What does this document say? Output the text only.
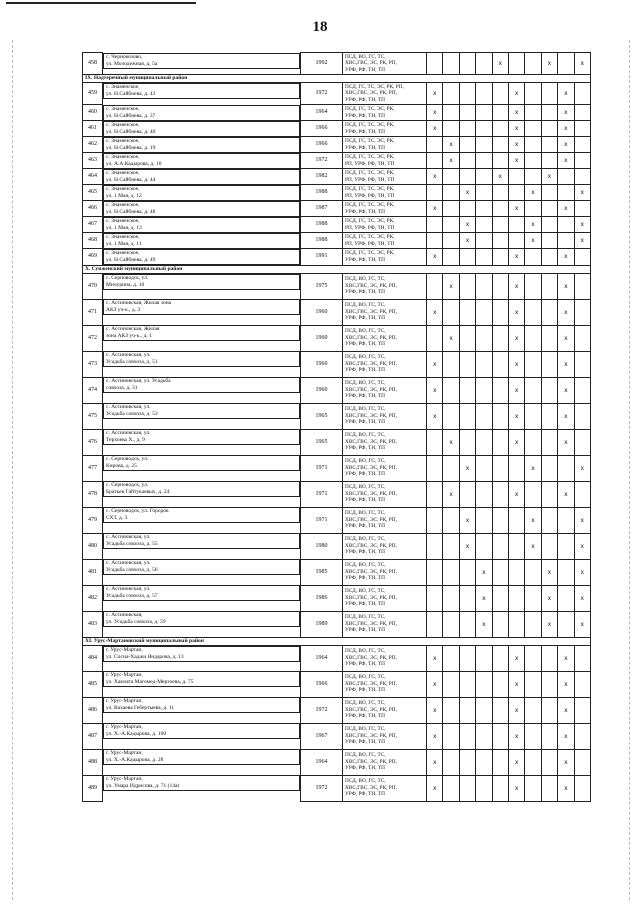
18
458	
с. Чернокозово,
ул. Молодежная, д. 5а	1992	ПСД, ВО, ГС, ТС,
ХВС,ГВС, ЭС, РК, РП,
УРФ, РФ, ТН, ТП					x			x		x
IX. Надтеречный муниципальный район												
459	
с. Знаменское,
ул. Н.Сайбиева, д. 43	1972	ПСД, ГС, ТС, ЭС, РК, РП,
ХВС,ГВС, ЭС, РК, РП,
УРФ, РФ, ТН, ТП	x					x			x	
460	
с. Знаменское,
ул. Н.Сайбиева, д. 37
1964	ПСД, ГС, ТС, ЭС, РК,
УРФ, РФ, ТН, ТП	x					x			x	
461	
с. Знаменское,
ул. Н.Сайбиева, д. 40
1966	ПСД, ГС, ТС, ЭС, РК,
УРФ, РФ, ТН, ТП	x					x			x	
462	
с. Знаменское,
ул. Н.Сайбиева, д. 19
1966	ПСД, ГС, ТС, ЭС, РК,
УРФ, РФ, ТН, ТП		x				x			x	
463	
с. Знаменское,
ул. А.А.Кадырова, д. 10
1972	ПСД, ГС, ТС, ЭС, РК,
РП, УРФ, РФ, ТН, ТП		x				x			x	
464	
с. Знаменское,
ул. Н.Сайбиева, д. 44
1982	ПСД, ГС, ТС, ЭС, РК,
РП, УРФ, РФ, ТН, ТП	x				x			x		
465	
с. Знаменское,
ул. 1 Мая, д. 12
1988	ПСД, ГС, ТС, ЭС, РК,
РП, УРФ, РФ, ТН, ТП			x				x			x
466	
с. Знаменское,
ул. Н.Сайбиева, д. 48
1987	ПСД, ГС, ТС, ЭС, РК,
УРФ, РФ, ТН, ТП	x					x			x	
467	
с. Знаменское,
ул. 1 Мая, д. 13
1988	ПСД, ГС, ТС, ЭС, РК,
РП, УРФ, РФ, ТН, ТП			x				x			x
468	
с. Знаменское,
ул. 1 Мая, д. 11
1988	ПСД, ГС, ТС, ЭС, РК,
РП, УРФ, РФ, ТН, ТП			x				x			x
469	
с. Знаменское,
ул. Н.Сайбиева, д. 49
1991	ПСД, ГС, ТС, ЭС, РК,
УРФ, РФ, ТН, ТП	x					x			x	
X. Сунженский муниципальный район												
470	
с. Серноводск, ул.
Мичурина, д. 10	1975	ПСД, ВО, ГС, ТС,
ХВС,ГВС, ЭС, РК, РП,
УРФ, РФ, ТН, ТП		x				x			x	
471	
с. Ассиновская, Жилая зона
АКЗ уч-к., д. 3	1960	ПСД, ВО, ГС, ТС,
ХВС,ГВС, ЭС, РК, РП,
УРФ, РФ, ТН, ТП	x					x			x	
472	
с. Ассиновская, Жилая
зона АКЗ уч-к., д. 1	1960	ПСД, ВО, ГС, ТС,
ХВС,ГВС, ЭС, РК, РП,
УРФ, РФ, ТН, ТП		x				x			x	
473	
с. Ассиновская, ул.
Усадьба совхоза, д. 51	1960	ПСД, ВО, ГС, ТС,
ХВС,ГВС, ЭС, РК, РП,
УРФ, РФ, ТН, ТП	x					x			x	
474	
с. Ассиновская, ул. Усадьба
совхоза, д. 31	1960	ПСД, ВО, ГС, ТС,
ХВС,ГВС, ЭС, РК, РП,
УРФ, РФ, ТН, ТП	x					x			x	
475	
с. Ассиновская, ул.
Усадьба совхоза, д. 53	1965	ПСД, ВО, ГС, ТС,
ХВС,ГВС, ЭС, РК, РП,
УРФ, РФ, ТН, ТП	x					x			x	
476	
с. Ассиновская, ул.
Терхоева Х., д. 9	1965	ПСД, ВО, ГС, ТС,
ХВС,ГВС, ЭС, РК, РП,
УРФ, РФ, ТН, ТП		x				x			x	
477	
с. Серноводск, ул.
Кирова, д. 25	1971	ПСД, ВО, ГС, ТС,
ХВС,ГВС, ЭС, РК, РП,
УРФ, РФ, ТН, ТП			x				x			x
478	
с. Серноводск, ул.
Братьев Гайтукаевых, д. 24	1971	ПСД, ВО, ГС, ТС,
ХВС,ГВС, ЭС, РК, РП,
УРФ, РФ, ТН, ТП		x				x			x	
479	
с. Серноводск, ул. Городок
СХТ, д. 3	1971	ПСД, ВО, ГС, ТС,
ХВС,ГВС, ЭС, РК, РП,
УРФ, РФ, ТН, ТП			x				x			x
480	
с. Ассиновская, ул.
Усадьба совхоза, д. 55	1980	ПСД, ВО, ГС, ТС,
ХВС,ГВС, ЭС, РК, РП,
УРФ, РФ, ТН, ТП			x				x			x
481	
с. Ассиновская, ул.
Усадьба совхоза, д. 56	1985	ПСД, ВО, ГС, ТС,
ХВС,ГВС, ЭС, РК, РП,
УРФ, РФ, ТН, ТП				x				x		x
482	
с. Ассиновская, ул.
Усадьба совхоза, д. 57	1986	ПСД, ВО, ГС, ТС,
ХВС,ГВС, ЭС, РК, РП,
УРФ, РФ, ТН, ТП				x				x		x
483	
с. Ассиновская,
ул. Усадьба совхоза, д. 59	1989	ПСД, ВО, ГС, ТС,
ХВС,ГВС, ЭС, РК, РП,
УРФ, РФ, ТН, ТП				x				x		x
XI. Урус-Мартановский муниципальный район												
484	
г. Урус-Мартан,
ул. Сосна-Хаджи Яндарова, д. 13	1964	ПСД, ВО, ГС, ТС,
ХВС,ГВС, ЭС, РК, РП,
УРФ, РФ, ТН, ТП	x					x			x	
485	
г. Урус-Мартан,
ул. Хамзата Магомед-Мерзоева, д. 75	1966	ПСД, ВО, ГС, ТС,
ХВС,ГВС, ЭС, РК, РП,
УРФ, РФ, ТН, ТП	x					x			x	
486	
г. Урус-Мартан,
ул. Вахаева Гебертыева, д. 11	1972	ПСД, ВО, ГС, ТС,
ХВС,ГВС, ЭС, РК, РП,
УРФ, РФ, ТН, ТП	x					x			x	
487	
г. Урус-Мартан,
ул. Х.-А.Кадырова, д. 100	1967	ПСД, ВО, ГС, ТС,
ХВС,ГВС, ЭС, РК, РП,
УРФ, РФ, ТН, ТП	x					x			x	
488	
г. Урус-Мартан,
ул. Х.-А.Кадырова, д. 28	1964	ПСД, ВО, ГС, ТС,
ХВС,ГВС, ЭС, РК, РП,
УРФ, РФ, ТН, ТП	x					x			x	
489	
г. Урус-Мартан,
ул. Умара Идрисова, д. 71 (14а)	1972	ПСД, ВО, ГС, ТС,
ХВС,ГВС, ЭС, РК, РП,
УРФ, РФ, ТН, ТП	x					x			x	
